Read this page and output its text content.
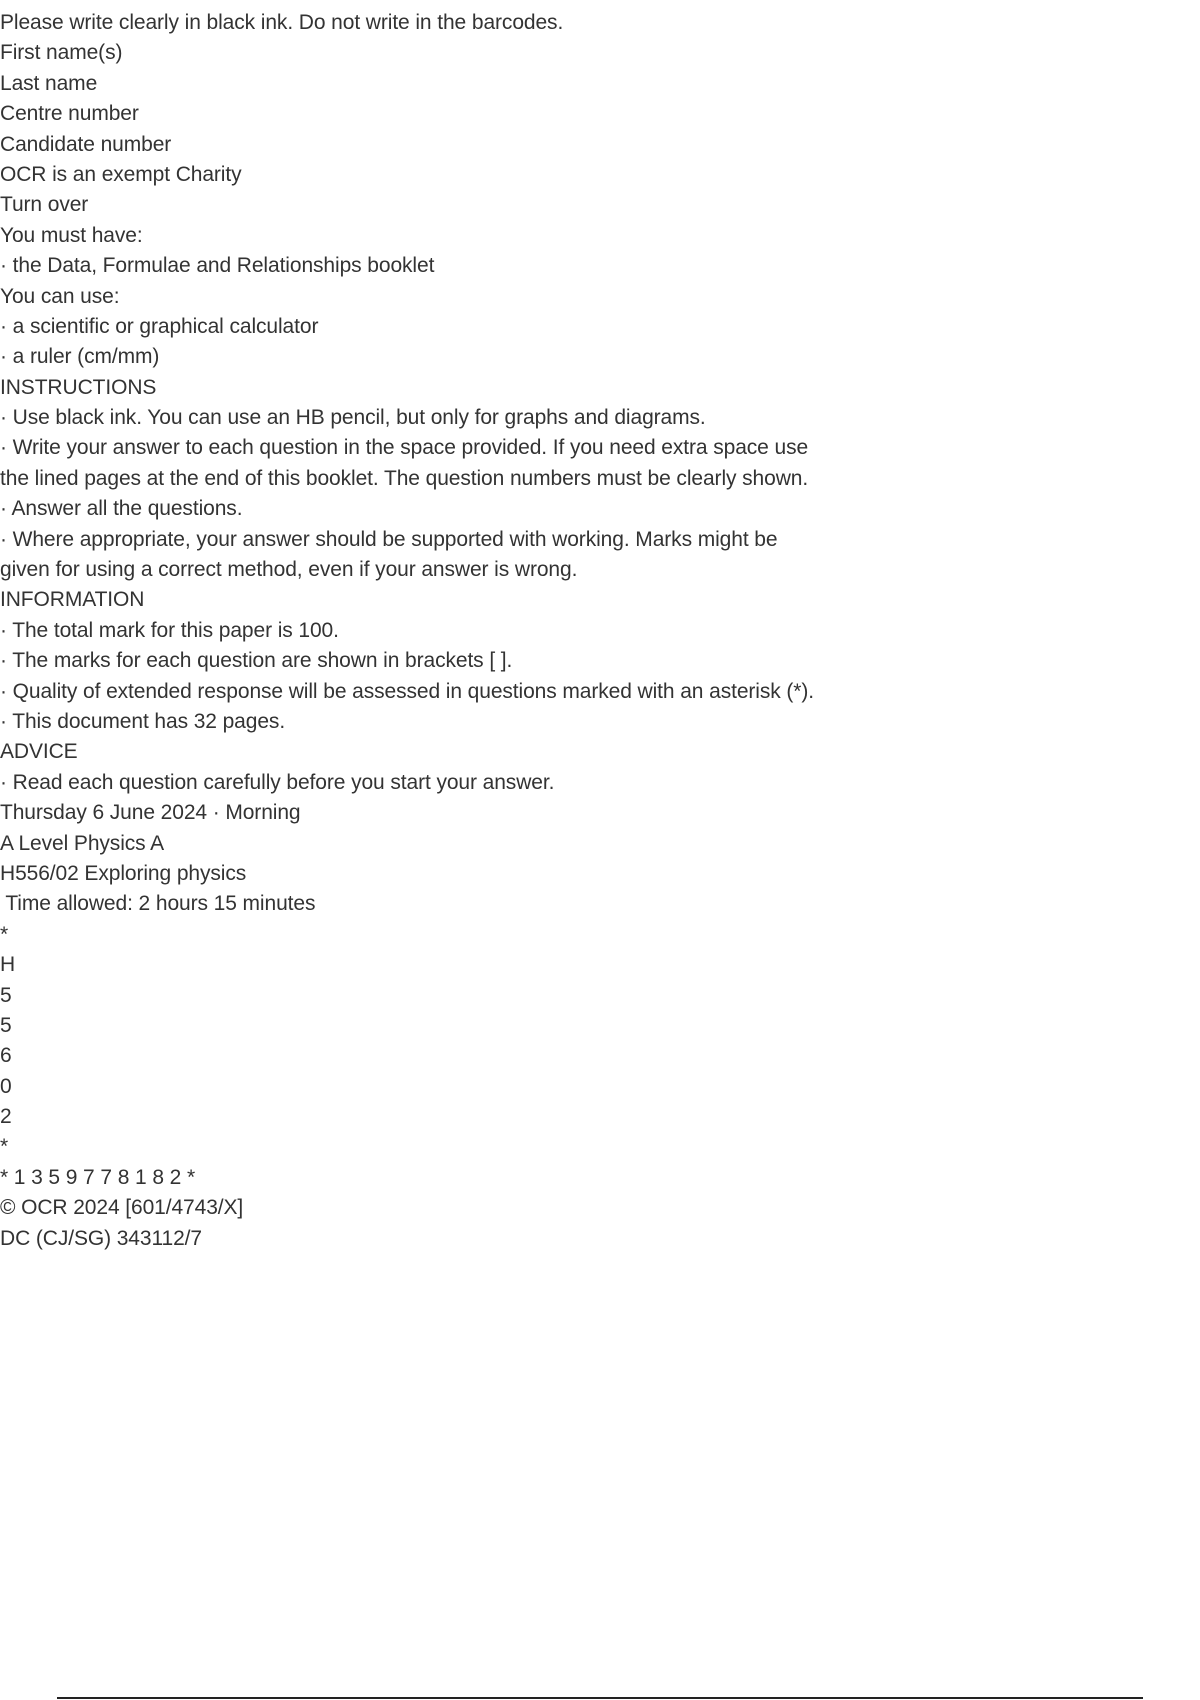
Please write clearly in black ink. Do not write in the barcodes.
First name(s)
Last name
Centre number
Candidate number
OCR is an exempt Charity
Turn over
You must have:
· the Data, Formulae and Relationships booklet
You can use:
· a scientific or graphical calculator
· a ruler (cm/mm)
INSTRUCTIONS
· Use black ink. You can use an HB pencil, but only for graphs and diagrams.
· Write your answer to each question in the space provided. If you need extra space use
the lined pages at the end of this booklet. The question numbers must be clearly shown.
· Answer all the questions.
· Where appropriate, your answer should be supported with working. Marks might be
given for using a correct method, even if your answer is wrong.
INFORMATION
· The total mark for this paper is 100.
· The marks for each question are shown in brackets [ ].
· Quality of extended response will be assessed in questions marked with an asterisk (*).
· This document has 32 pages.
ADVICE
· Read each question carefully before you start your answer.
Thursday 6 June 2024 · Morning
A Level Physics A
H556/02 Exploring physics
Time allowed: 2 hours 15 minutes
*
H
5
5
6
0
2
*
* 1 3 5 9 7 7 8 1 8 2 *
© OCR 2024 [601/4743/X]
DC (CJ/SG) 343112/7
